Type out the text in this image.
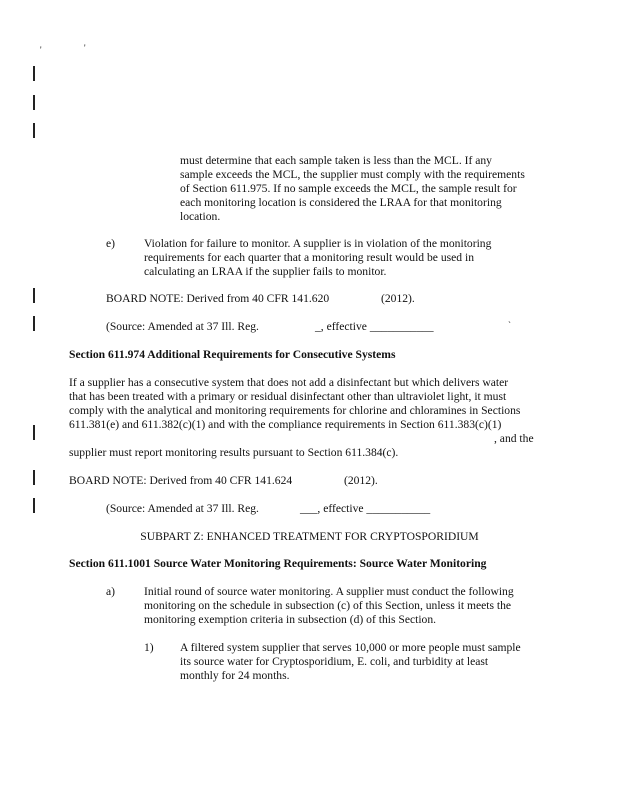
'	'
must determine that each sample taken is less than the MCL. If any
sample exceeds the MCL, the supplier must comply with the requirements
of Section 611.975. If no sample exceeds the MCL, the sample result for
each monitoring location is considered the LRAA for that monitoring
location.
e) Violation for failure to monitor. A supplier is in violation of the monitoring
requirements for each quarter that a monitoring result would be used in
calculating an LRAA if the supplier fails to monitor.
BOARD NOTE: Derived from 40 CFR 141.620	(2012).
(Source: Amended at 37 Ill. Reg.	_, effective ___________	`
Section 611.974 Additional Requirements for Consecutive Systems
If a supplier has a consecutive system that does not add a disinfectant but which delivers water
that has been treated with a primary or residual disinfectant other than ultraviolet light, it must
comply with the analytical and monitoring requirements for chlorine and chloramines in Sections
611.381(e) and 611.382(c)(1) and with the compliance requirements in Section 611.383(c)(1)
, and the
supplier must report monitoring results pursuant to Section 611.384(c).
BOARD NOTE: Derived from 40 CFR 141.624	(2012).
(Source: Amended at 37 Ill. Reg.	___, effective ___________
SUBPART Z: ENHANCED TREATMENT FOR CRYPTOSPORIDIUM
Section 611.1001 Source Water Monitoring Requirements: Source Water Monitoring
a) Initial round of source water monitoring. A supplier must conduct the following
monitoring on the schedule in subsection (c) of this Section, unless it meets the
monitoring exemption criteria in subsection (d) of this Section.
1) A filtered system supplier that serves 10,000 or more people must sample
its source water for Cryptosporidium, E. coli, and turbidity at least
monthly for 24 months.
